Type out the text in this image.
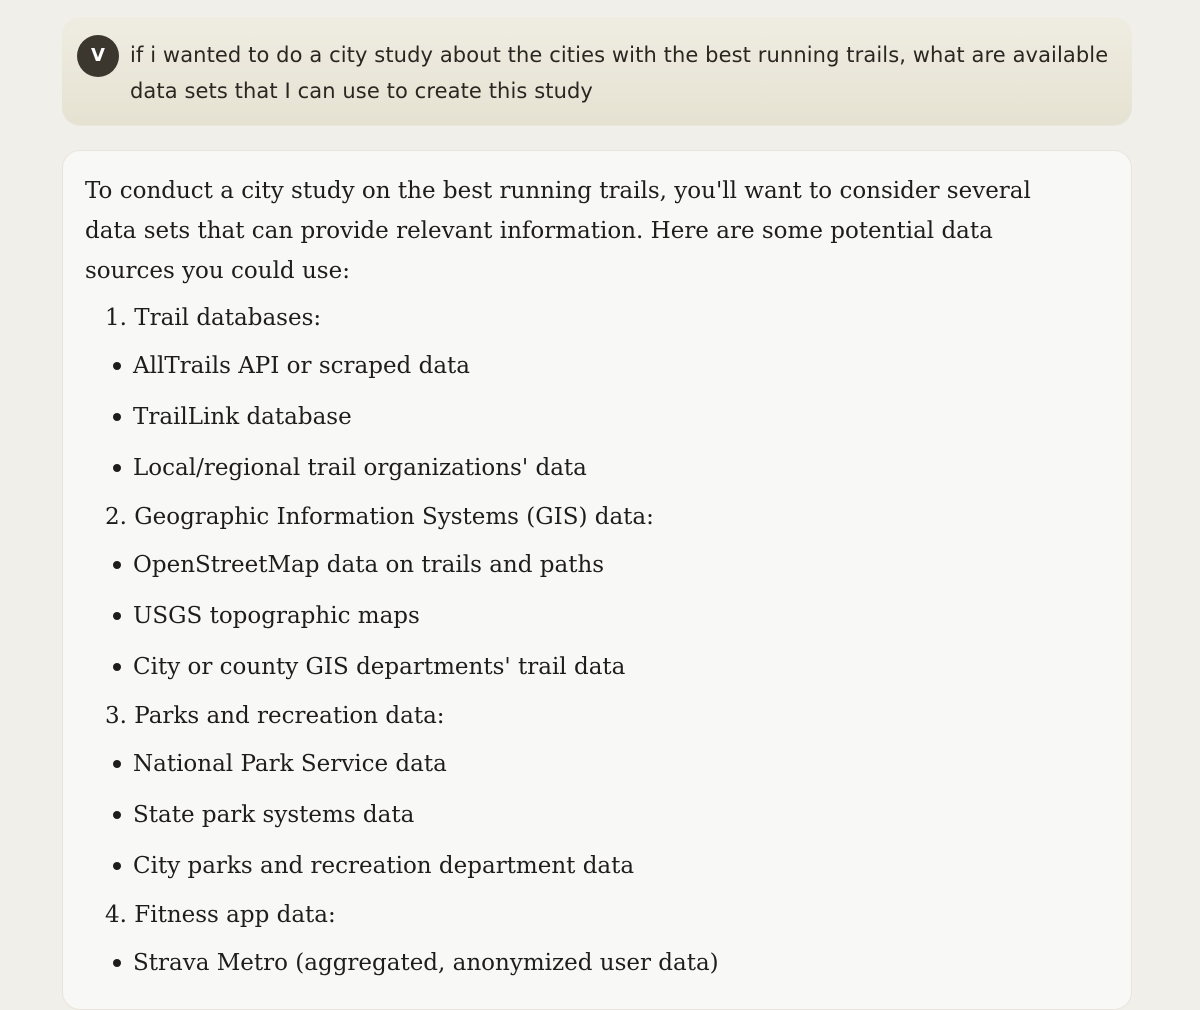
V	if i wanted to do a city study about the cities with the best running trails, what are available data sets that I can use to create this study
To conduct a city study on the best running trails, you'll want to consider several data sets that can provide relevant information. Here are some potential data sources you could use:
1. Trail databases:
AllTrails API or scraped data
TrailLink database
Local/regional trail organizations' data
2. Geographic Information Systems (GIS) data:
OpenStreetMap data on trails and paths
USGS topographic maps
City or county GIS departments' trail data
3. Parks and recreation data:
National Park Service data
State park systems data
City parks and recreation department data
4. Fitness app data:
Strava Metro (aggregated, anonymized user data)
